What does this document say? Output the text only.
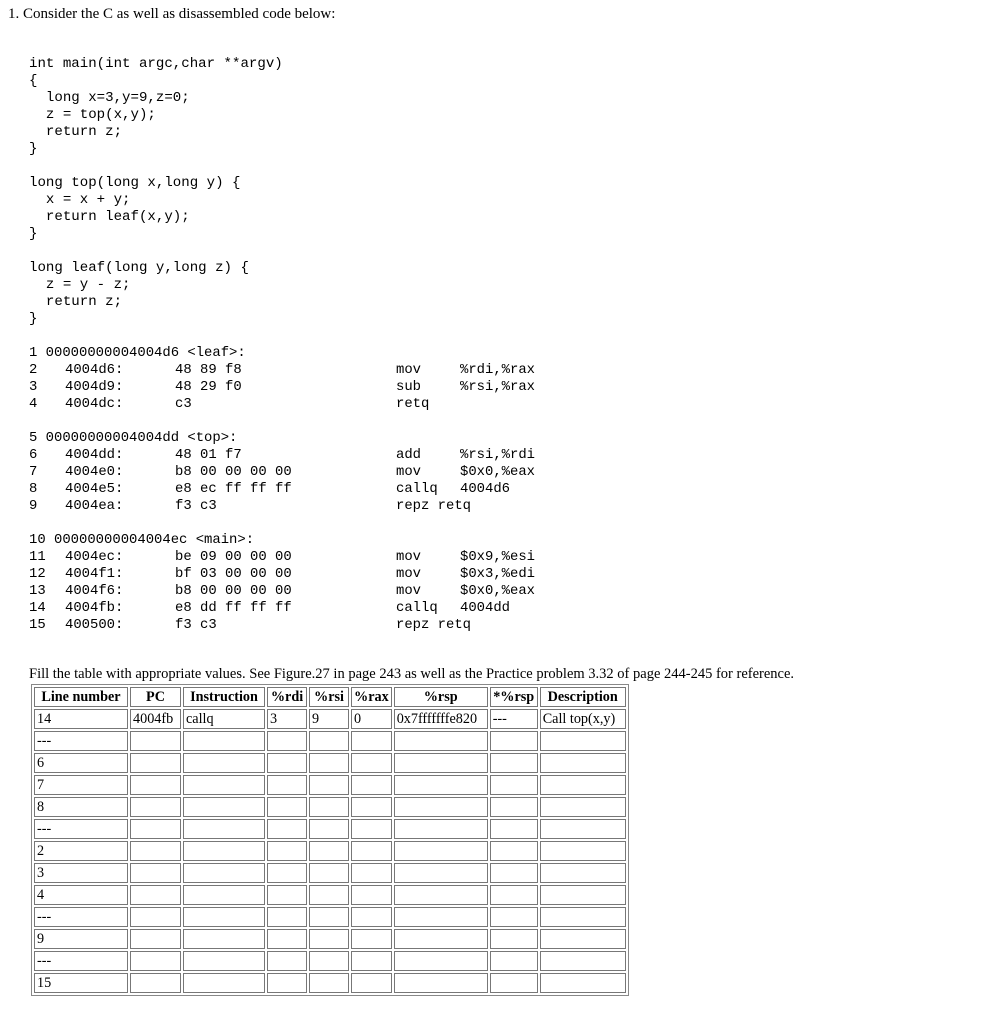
1. Consider the C as well as disassembled code below:

int main(int argc,char **argv)
{
long x=3,y=9,z=0;
z = top(x,y);
return z;
}
long top(long x,long y) {
x = x + y;
return leaf(x,y);
}
long leaf(long y,long z) {
z = y - z;
return z;
}
1 00000000004004d6 <leaf>:
2 4004d6:	48 89 f8	mov	%rdi,%rax
3 4004d9:	48 29 f0	sub	%rsi,%rax
4 4004dc:	c3	retq
5 00000000004004dd <top>:
6 4004dd:	48 01 f7	add	%rsi,%rdi
7 4004e0:	b8 00 00 00 00	mov	$0x0,%eax
8 4004e5:	e8 ec ff ff ff	callq 4004d6
9 4004ea:	f3 c3	repz retq
10 00000000004004ec <main>:
11 4004ec:	be 09 00 00 00	mov	$0x9,%esi
12 4004f1:	bf 03 00 00 00	mov	$0x3,%edi
13 4004f6:	b8 00 00 00 00	mov	$0x0,%eax
14 4004fb:	e8 dd ff ff ff	callq 4004dd
15 400500:	f3 c3	repz retq

Fill the table with appropriate values. See Figure.27 in page 243 as well as the Practice problem 3.32 of page 244-245 for reference.

Line number	PC	Instruction	%rdi	%rsi	%rax	%rsp	*%rsp	Description
14	4004fb	callq	3	9	0	0x7fffffffe820	---	Call top(x,y)
---								
6								
7								
8								
---								
2								
3								
4								
---								
9								
---								
15								
